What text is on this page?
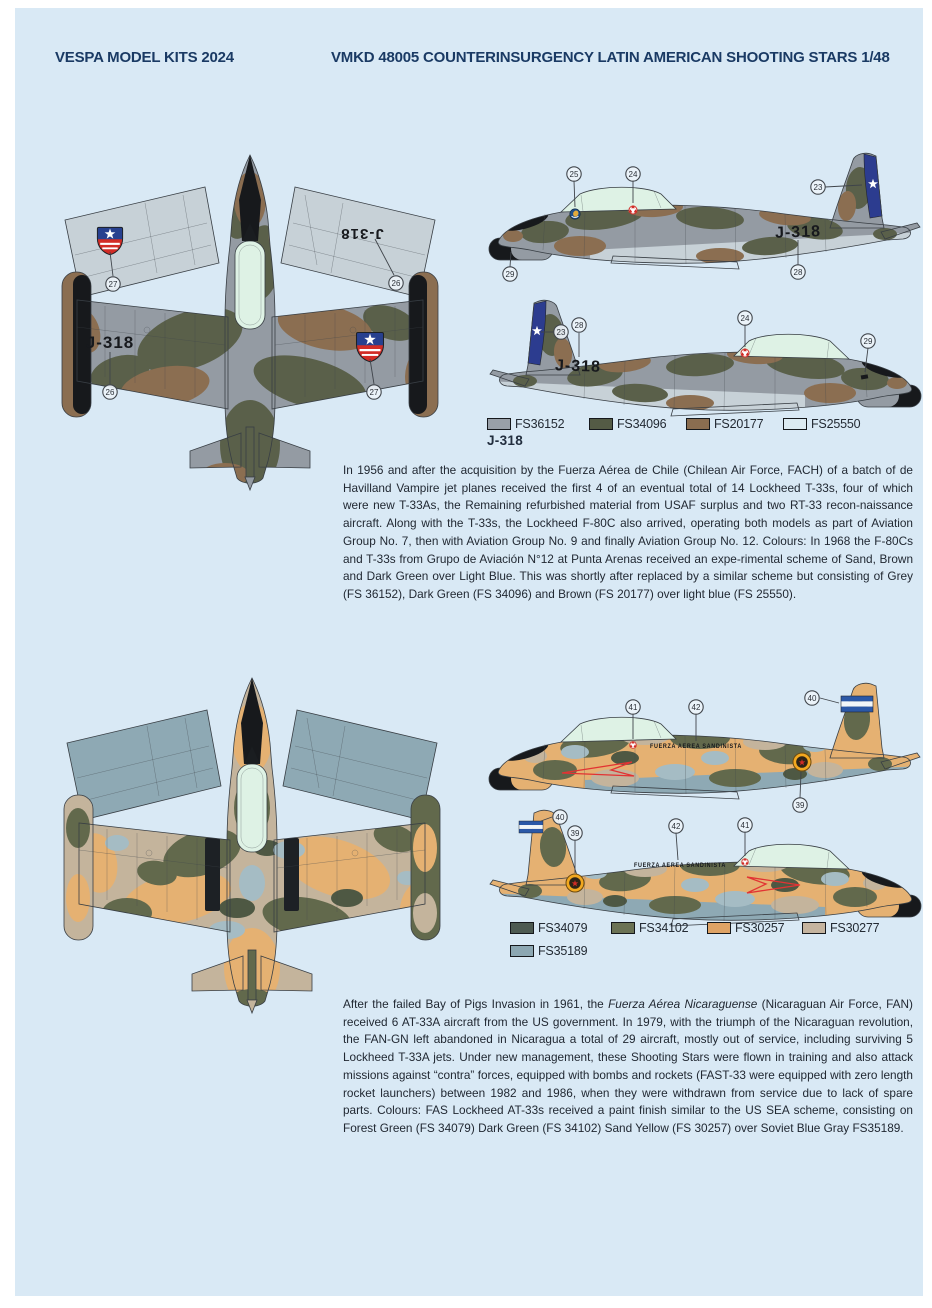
VESPA MODEL KITS 2024	VMKD 48005 COUNTERINSURGENCY LATIN AMERICAN SHOOTING STARS 1/48
J-318
J-318
26	27
27	26
J-318
25	24
23
28
29
J-318
23
28
24
29
FS36152	FS34096	FS20177	FS25550
J-318

In 1956 and after the acquisition by the Fuerza Aérea de Chile (Chilean Air Force, FACH) of a batch of de Havilland Vampire jet planes received the first 4 of an eventual total of 14 Lockheed T-33s, four of which were new T-33As, the Remaining refurbished material from USAF surplus and two RT-33 recon-naissance aircraft. Along with the T-33s, the Lockheed F-80C also arrived, operating both models as part of Aviation Group No. 7, then with Aviation Group No. 9 and finally Aviation Group No. 12. Colours: In 1968 the F-80Cs and T-33s from Grupo de Aviación N°12 at Punta Arenas received an expe-rimental scheme of Sand, Brown and Dark Green over Light Blue. This was shortly after replaced by a similar scheme but consisting of Grey (FS 36152), Dark Green (FS 34096) and Brown (FS 20177) over light blue (FS 25550).

FUERZA AEREA SANDINISTA
41	42
40
39
FUERZA AEREA SANDINISTA
40
39
42	41
FS34079	FS34102	FS30257	FS30277
FS35189

After the failed Bay of Pigs Invasion in 1961, the Fuerza Aérea Nicaraguense (Nicaraguan Air Force, FAN) received 6 AT-33A aircraft from the US government. In 1979, with the triumph of the Nicaraguan revolution, the FAN-GN left abandoned in Nicaragua a total of 29 aircraft, mostly out of service, including surviving 5 Lockheed T-33A jets. Under new management, these Shooting Stars were flown in training and also attack missions against “contra” forces, equipped with bombs and rockets (FAST-33 were equipped with zero length rocket launchers) between 1982 and 1986, when they were withdrawn from service due to lack of spare parts. Colours: FAS Lockheed AT-33s received a paint finish similar to the US SEA scheme, consisting on Forest Green (FS 34079) Dark Green (FS 34102) Sand Yellow (FS 30257) over Soviet Blue Gray FS35189.
